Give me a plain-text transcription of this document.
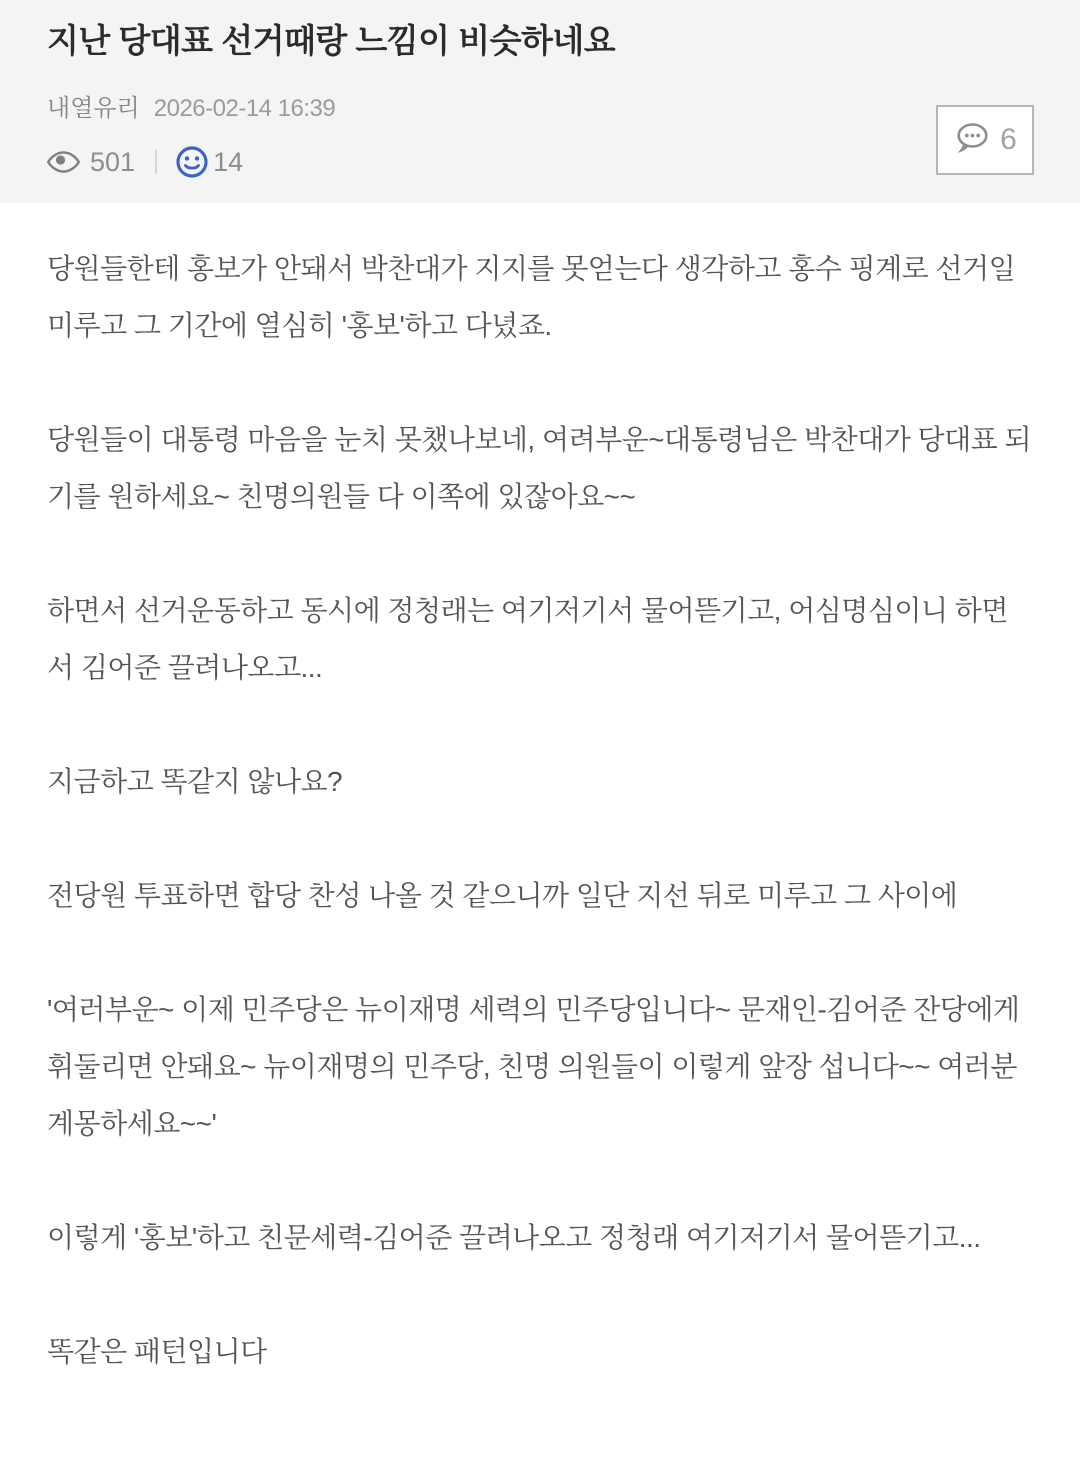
지난 당대표 선거때랑 느낌이 비슷하네요
내열유리 2026-02-14 16:39
501	14
6

당원들한테 홍보가 안돼서 박찬대가 지지를 못얻는다 생각하고 홍수 핑계로 선거일 미루고 그 기간에 열심히 '홍보'하고 다녔죠.

당원들이 대통령 마음을 눈치 못챘나보네, 여려부운~대통령님은 박찬대가 당대표 되기를 원하세요~ 친명의원들 다 이쪽에 있잖아요~~

하면서 선거운동하고 동시에 정청래는 여기저기서 물어뜯기고, 어심명심이니 하면서 김어준 끌려나오고...

지금하고 똑같지 않나요?

전당원 투표하면 합당 찬성 나올 것 같으니까 일단 지선 뒤로 미루고 그 사이에

'여러부운~ 이제 민주당은 뉴이재명 세력의 민주당입니다~ 문재인-김어준 잔당에게 휘둘리면 안돼요~ 뉴이재명의 민주당, 친명 의원들이 이렇게 앞장 섭니다~~ 여러분 계몽하세요~~'

이렇게 '홍보'하고 친문세력-김어준 끌려나오고 정청래 여기저기서 물어뜯기고...

똑같은 패턴입니다
